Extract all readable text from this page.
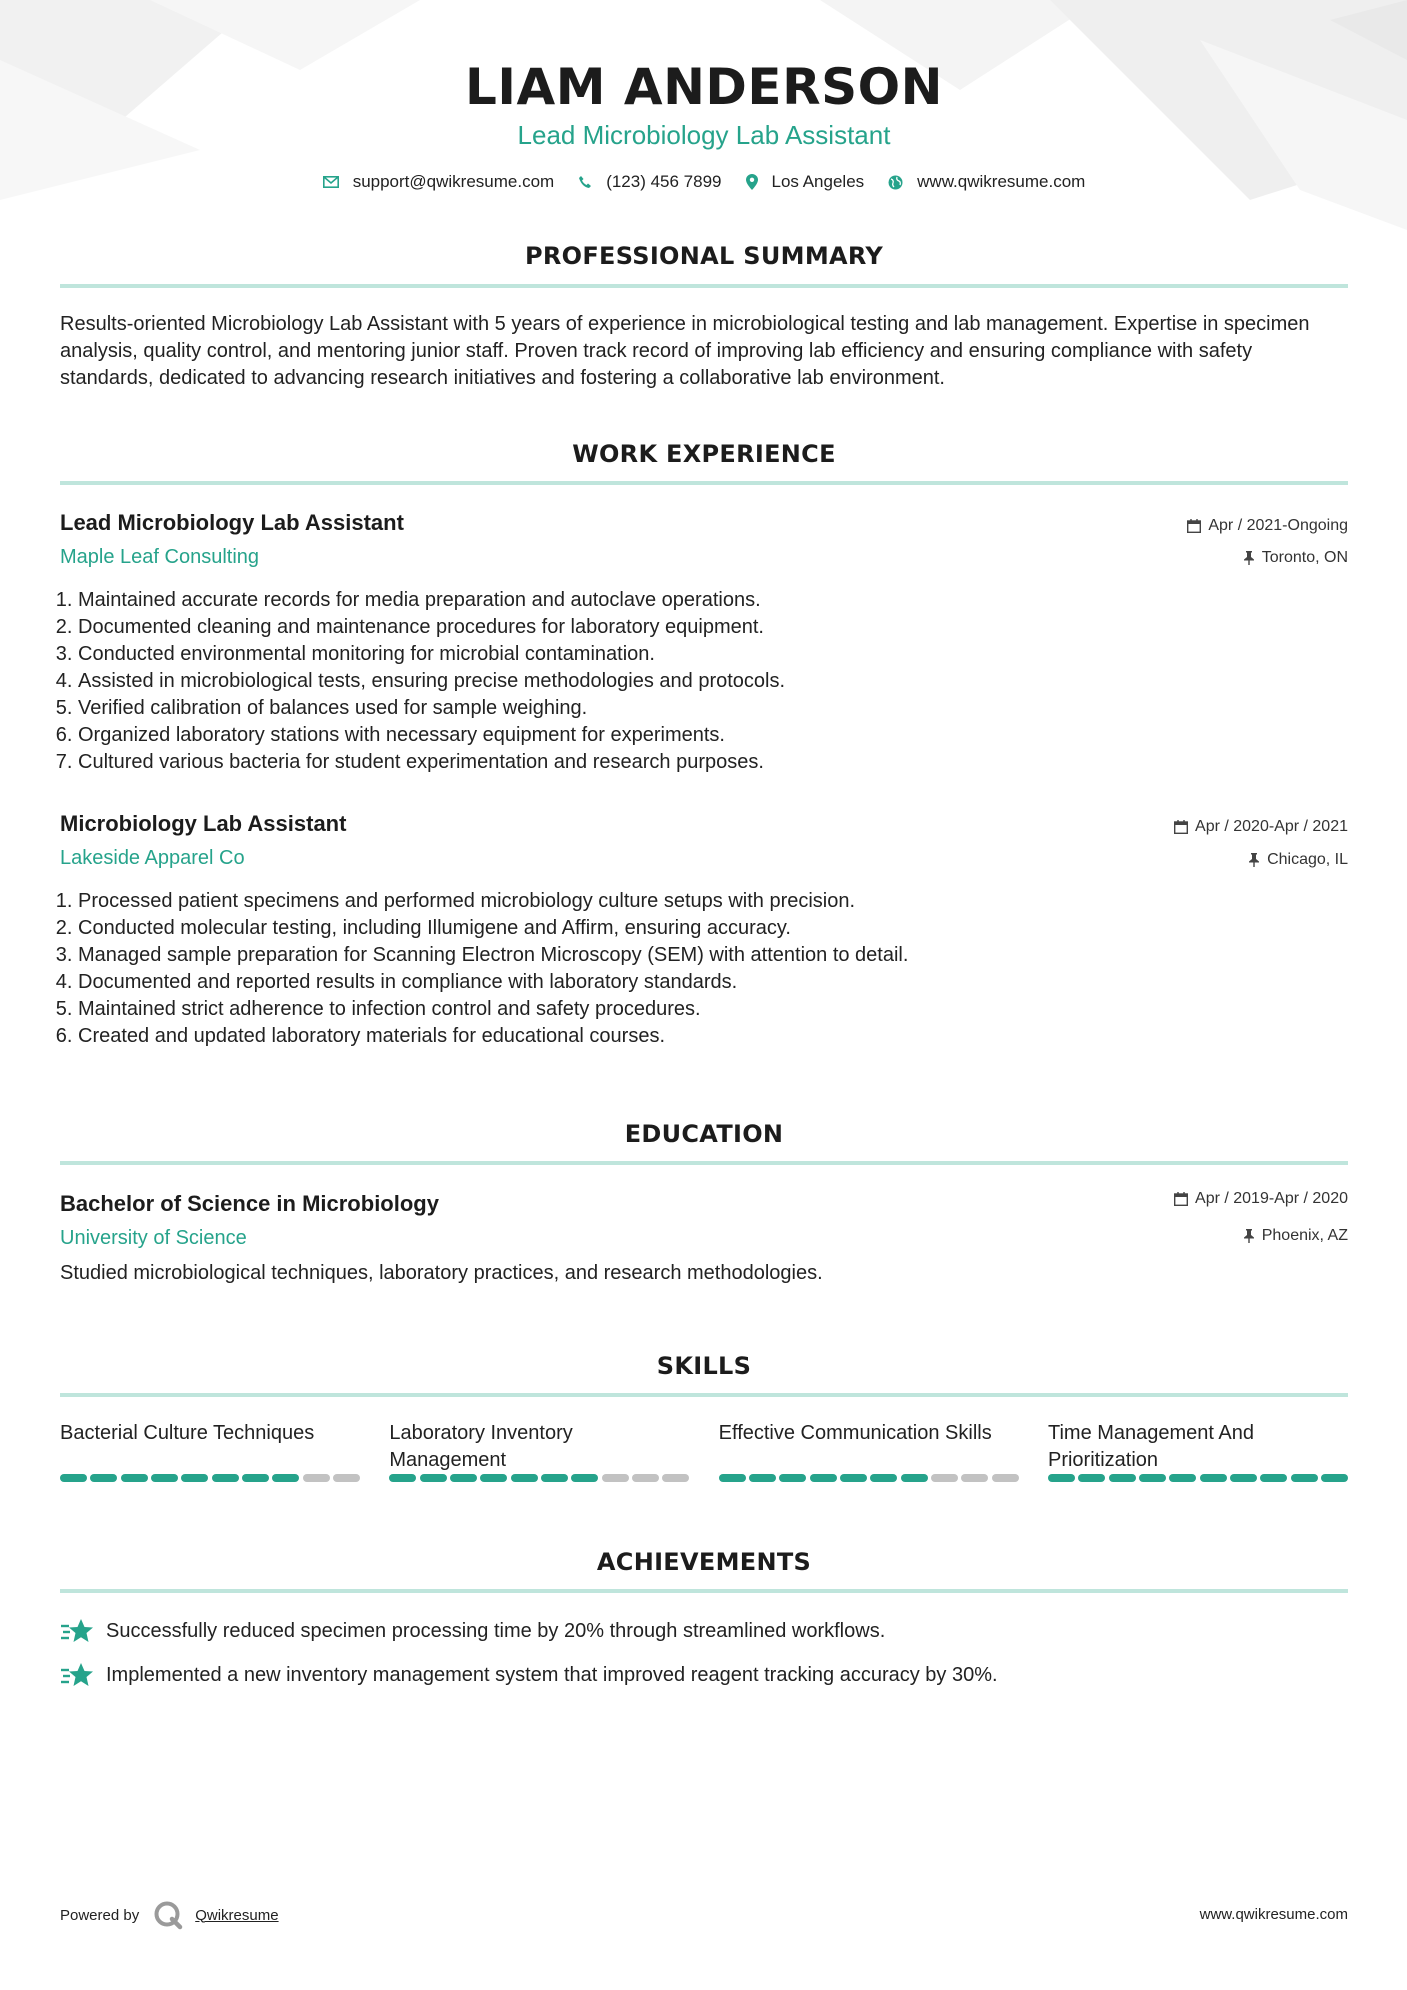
LIAM ANDERSON
Lead Microbiology Lab Assistant
support@qwikresume.com	(123) 456 7899	Los Angeles	www.qwikresume.com
PROFESSIONAL SUMMARY
Results-oriented Microbiology Lab Assistant with 5 years of experience in microbiological testing and lab management. Expertise in specimen analysis, quality control, and mentoring junior staff. Proven track record of improving lab efficiency and ensuring compliance with safety standards, dedicated to advancing research initiatives and fostering a collaborative lab environment.
WORK EXPERIENCE
Lead Microbiology Lab Assistant
Maple Leaf Consulting
Apr / 2021-Ongoing
Toronto, ON
1. Maintained accurate records for media preparation and autoclave operations.
2. Documented cleaning and maintenance procedures for laboratory equipment.
3. Conducted environmental monitoring for microbial contamination.
4. Assisted in microbiological tests, ensuring precise methodologies and protocols.
5. Verified calibration of balances used for sample weighing.
6. Organized laboratory stations with necessary equipment for experiments.
7. Cultured various bacteria for student experimentation and research purposes.
Microbiology Lab Assistant
Lakeside Apparel Co
Apr / 2020-Apr / 2021
Chicago, IL
1. Processed patient specimens and performed microbiology culture setups with precision.
2. Conducted molecular testing, including Illumigene and Affirm, ensuring accuracy.
3. Managed sample preparation for Scanning Electron Microscopy (SEM) with attention to detail.
4. Documented and reported results in compliance with laboratory standards.
5. Maintained strict adherence to infection control and safety procedures.
6. Created and updated laboratory materials for educational courses.
EDUCATION
Bachelor of Science in Microbiology
University of Science
Apr / 2019-Apr / 2020
Phoenix, AZ
Studied microbiological techniques, laboratory practices, and research methodologies.
SKILLS
Bacterial Culture Techniques	Laboratory Inventory Management
Effective Communication Skills	Time Management And Prioritization
ACHIEVEMENTS
Successfully reduced specimen processing time by 20% through streamlined workflows.
Implemented a new inventory management system that improved reagent tracking accuracy by 30%.
Powered by	Qwikresume	www.qwikresume.com
